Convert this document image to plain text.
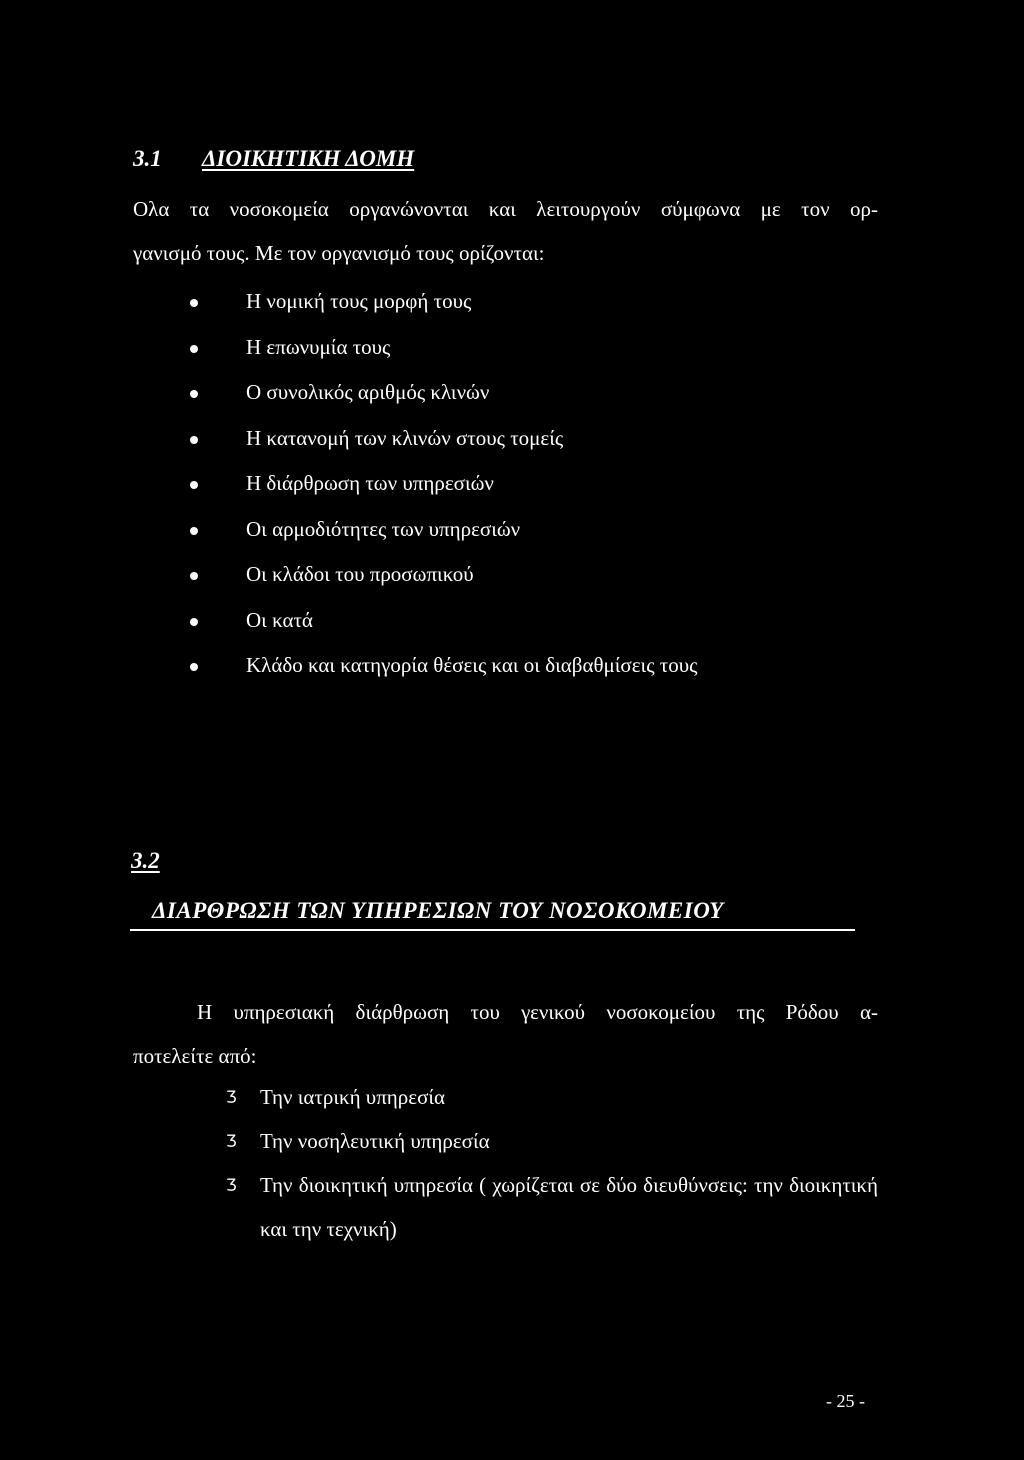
3.1 ΔΙΟΙΚΗΤΙΚΗ ΔΟΜΗ
Ολα τα νοσοκομεία οργανώνονται και λειτουργούν σύμφωνα με τον ορ-
γανισμό τους. Με τον οργανισμό τους ορίζονται:
Η νομική τους μορφή τους
Η επωνυμία τους
Ο συνολικός αριθμός κλινών
Η κατανομή των κλινών στους τομείς
Η διάρθρωση των υπηρεσιών
Οι αρμοδιότητες των υπηρεσιών
Οι κλάδοι του προσωπικού
Οι κατά
Κλάδο και κατηγορία θέσεις και οι διαβαθμίσεις τους
3.2
ΔΙΑΡΘΡΩΣΗ ΤΩΝ ΥΠΗΡΕΣΙΩΝ ΤΟΥ ΝΟΣΟΚΟΜΕΙΟΥ
Η υπηρεσιακή διάρθρωση του γενικού νοσοκομείου της Ρόδου α-
ποτελείτε από:
Ʒ Την ιατρική υπηρεσία
Ʒ Την νοσηλευτική υπηρεσία
Ʒ Την διοικητική υπηρεσία ( χωρίζεται σε δύο διευθύνσεις: την διοικητική και την τεχνική)
- 25 -
